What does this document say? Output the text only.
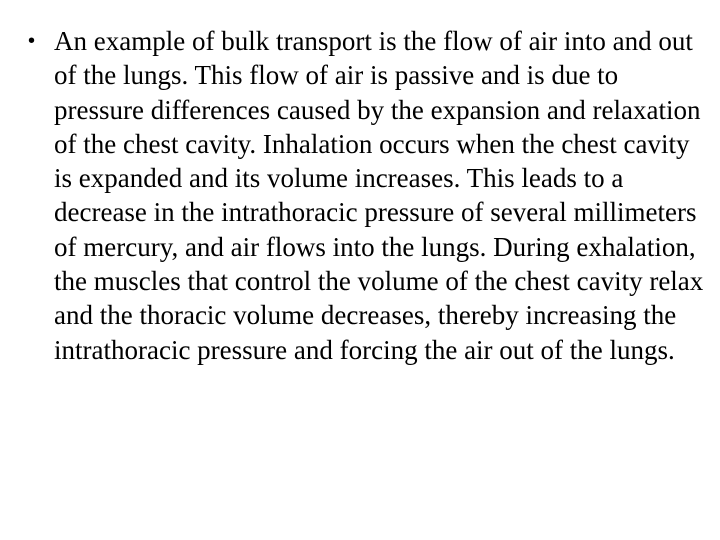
• An example of bulk transport is the flow of air into and out of the lungs. This flow of air is passive and is due to pressure differences caused by the expansion and relaxation of the chest cavity. Inhalation occurs when the chest cavity is expanded and its volume increases. This leads to a decrease in the intrathoracic pressure of several millimeters of mercury, and air flows into the lungs. During exhalation, the muscles that control the volume of the chest cavity relax and the thoracic volume decreases, thereby increasing the intrathoracic pressure and forcing the air out of the lungs.
